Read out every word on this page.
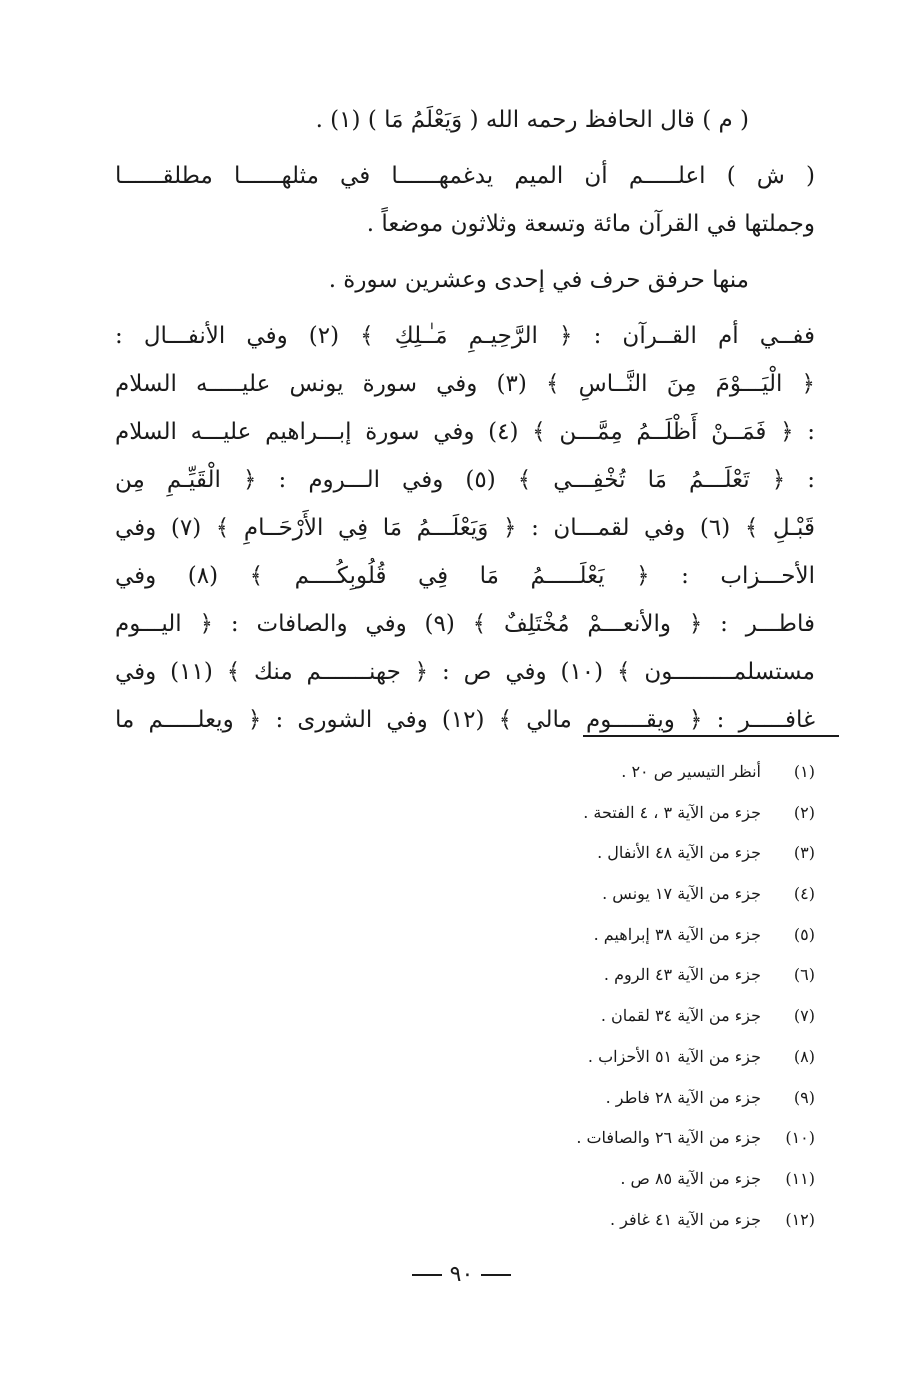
( م ) قال الحافظ رحمه الله ( وَيَعْلَمُ مَا ) (١) .
( ش ) اعلـــــم أن الميم يدغمهــــــا في مثلهــــــا مطلقــــــا
وجملتها في القرآن مائة وتسعة وثلاثون موضعاً .
منها حرفق حرف في إحدى وعشرين سورة .
ففــي أم القــرآن : ﴿ الرَّحِيـمِ مَـٰـلِكِ ﴾ (٢) وفي الأنفـــال :
﴿ الْيَـــوْمَ مِنَ النَّــاسِ ﴾ (٣) وفي سورة يونس عليـــــه السلام
: ﴿ فَمَــنْ أَظْلَــمُ مِمَّـــن ﴾ (٤) وفي سورة إبـــراهيم عليـــه السلام
: ﴿ تَعْلَـــمُ مَا تُخْفِـــي ﴾ (٥) وفي الـــروم : ﴿ الْقَيِّـمِ مِن
قَبْـلِ ﴾ (٦) وفي لقمـــان : ﴿ وَيَعْلَـــمُ مَا فِي الأَرْحَــامِ ﴾ (٧) وفي
الأحـــزاب : ﴿ يَعْلَـــــمُ مَا فِي قُلُوبِكُــــم ﴾ (٨) وفي
فاطـــر : ﴿ والأنعـــمْ مُخْتَلِفٌ ﴾ (٩) وفي والصافات : ﴿ اليـــوم
مستسلمـــــــــون ﴾ (١٠) وفي ص : ﴿ جهنـــــــم منك ﴾ (١١) وفي
غافـــــر : ﴿ ويقـــــوم مالي ﴾ (١٢) وفي الشورى : ﴿ ويعلـــــم ما
(١)
أنظر التيسير ص ٢٠ .
(٢)
جزء من الآية ٣ ، ٤ الفتحة .
(٣)
جزء من الآية ٤٨ الأنفال .
(٤)
جزء من الآية ١٧ يونس .
(٥)
جزء من الآية ٣٨ إبراهيم .
(٦)
جزء من الآية ٤٣ الروم .
(٧)
جزء من الآية ٣٤ لقمان .
(٨)
جزء من الآية ٥١ الأحزاب .
(٩)
جزء من الآية ٢٨ فاطر .
(١٠)
جزء من الآية ٢٦ والصافات .
(١١)
جزء من الآية ٨٥ ص .
(١٢)
جزء من الآية ٤١ غافر .
٩٠
